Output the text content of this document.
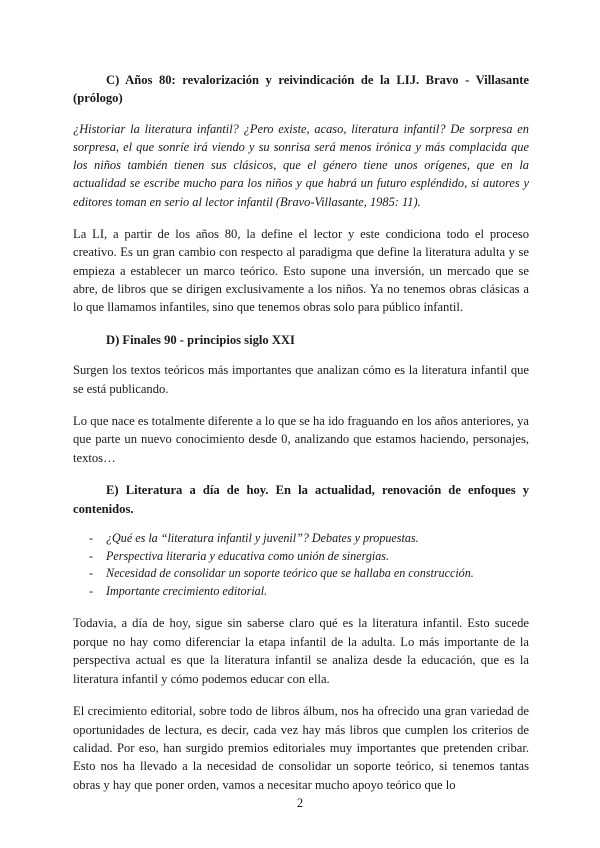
C) Años 80: revalorización y reivindicación de la LIJ. Bravo - Villasante (prólogo)

¿Historiar la literatura infantil? ¿Pero existe, acaso, literatura infantil? De sorpresa en sorpresa, el que sonríe irá viendo y su sonrisa será menos irónica y más complacida que los niños también tienen sus clásicos, que el género tiene unos orígenes, que en la actualidad se escribe mucho para los niños y que habrá un futuro espléndido, si autores y editores toman en serio al lector infantil (Bravo-Villasante, 1985: 11).

La LI, a partir de los años 80, la define el lector y este condiciona todo el proceso creativo. Es un gran cambio con respecto al paradigma que define la literatura adulta y se empieza a establecer un marco teórico. Esto supone una inversión, un mercado que se abre, de libros que se dirigen exclusivamente a los niños. Ya no tenemos obras clásicas a lo que llamamos infantiles, sino que tenemos obras solo para público infantil.

D) Finales 90 - principios siglo XXI

Surgen los textos teóricos más importantes que analizan cómo es la literatura infantil que se está publicando.

Lo que nace es totalmente diferente a lo que se ha ido fraguando en los años anteriores, ya que parte un nuevo conocimiento desde 0, analizando que estamos haciendo, personajes, textos…

E) Literatura a día de hoy. En la actualidad, renovación de enfoques y contenidos.

- ¿Qué es la “literatura infantil y juvenil”? Debates y propuestas.
- Perspectiva literaria y educativa como unión de sinergias.
- Necesidad de consolidar un soporte teórico que se hallaba en construcción.
- Importante crecimiento editorial.

Todavia, a día de hoy, sigue sin saberse claro qué es la literatura infantil. Esto sucede porque no hay como diferenciar la etapa infantil de la adulta. Lo más importante de la perspectiva actual es que la literatura infantil se analiza desde la educación, que es la literatura infantil y cómo podemos educar con ella.

El crecimiento editorial, sobre todo de libros álbum, nos ha ofrecido una gran variedad de oportunidades de lectura, es decir, cada vez hay más libros que cumplen los criterios de calidad. Por eso, han surgido premios editoriales muy importantes que pretenden cribar. Esto nos ha llevado a la necesidad de consolidar un soporte teórico, si tenemos tantas obras y hay que poner orden, vamos a necesitar mucho apoyo teórico que lo

2
